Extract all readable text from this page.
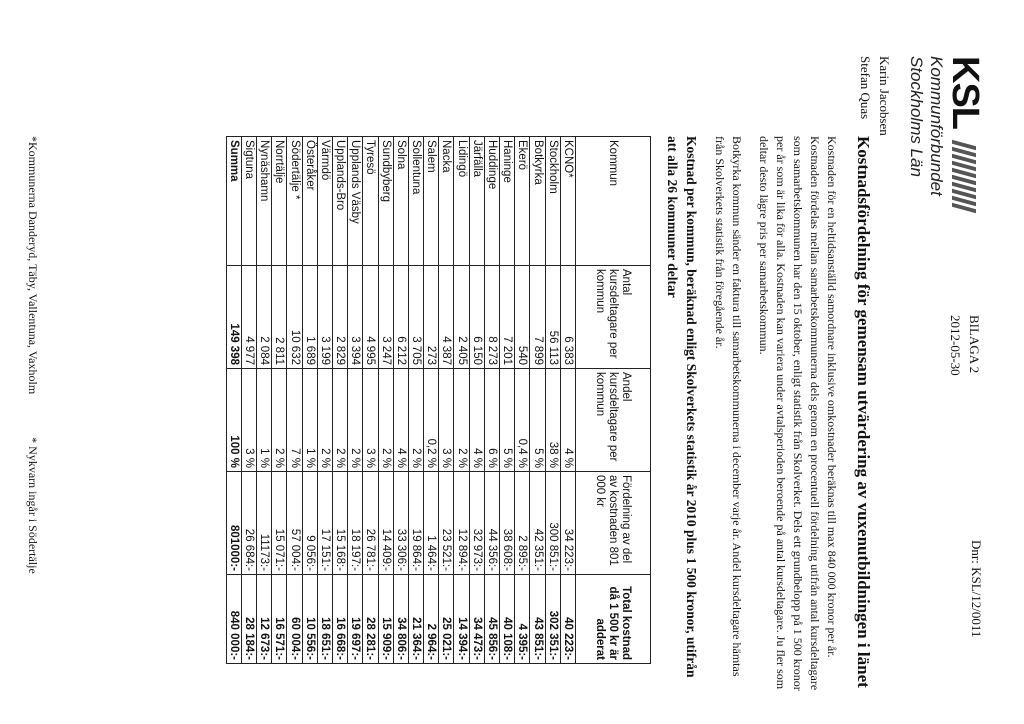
KSL
Kommunförbundet
Stockholms Län
Karin Jacobsen
Stefan Quas
BILAGA 2
2012-05-30
Dnr: KSL/12/0011
Kostnadsfördelning för gemensam utvärdering av vuxenutbildningen i länet

Kostnaden för en heltidsanställd samordnare inklusive omkostnader beräknas till max 840 000 kronor per år. Kostnaden fördelas mellan samarbetskommunerna dels genom en procentuell fördelning utifrån antal kursdeltagare som samarbetskommunen har den 15 oktober, enligt statistik från Skolverket. Dels ett grundbelopp på 1 500 kronor per år som är lika för alla. Kostnaden kan variera under avtalsperioden beroende på antal kursdeltagare. Ju fler som deltar desto lägre pris per samarbetskommun.

Botkyrka kommun sänder en faktura till samarbetskommunerna i december varje år. Andel kursdeltagare hämtas från Skolverkets statistik från föregående år.

Kostnad per kommun, beräknad enligt Skolverkets statistik år 2010 plus 1 500 kronor, utifrån att alla 26 kommuner deltar
Kommun	Antal kursdeltagare per kommun	Andel kursdeltagare per kommun	Fördelning av del av kostnaden 801 000 kr	Total kostnad då 1 500 kr är adderat
KCNO*	6 383	4 %	34 223:-	40 223:-
Stockholm	56 113	38 %	300 851:-	302 351:-
Botkyrka	7 899	5 %	42 351:-	43 851:-
Ekerö	540	0,4 %	2 895:-	4 395:-
Haninge	7 201	5 %	38 608:-	40 108:-
Huddinge	8 273	6 %	44 356:-	45 856:-
Järfälla	6 150	4 %	32 973:-	34 473:-
Lidingö	2 405	2 %	12 894:-	14 394:-
Nacka	4 387	3 %	23 521:-	25 021:-
Salem	273	0,2 %	1 464:-	2 964:-
Sollentuna	3 705	2 %	19 864:-	21 364:-
Solna	6 212	4 %	33 306:-	34 806:-
Sundbyberg	3 247	2 %	14 409:-	15 909:-
Tyresö	4 995	3 %	26 781:-	28 281:-
Upplands Väsby	3 394	2 %	18 197:-	19 697:-
Upplands-Bro	2 829	2 %	15 168:-	16 668:-
Värmdö	3 199	2 %	17 151:-	18 651:-
Österåker	1 689	1 %	9 056:-	10 556:-
Södertälje *	10 632	7 %	57 004:-	60 004:-
Norrtälje	2 811	2 %	15 071:-	16 571:-
Nynäshamn	2 084	1 %	11173:-	12 673:-
Sigtuna	4 977	3 %	26 684:-	28 184:-
Summa	149 398	100 %	801000:-	840 000:-
*Kommunerna Danderyd, Täby, Vallentuna, Vaxholm * Nykvarn ingår i Södertälje
